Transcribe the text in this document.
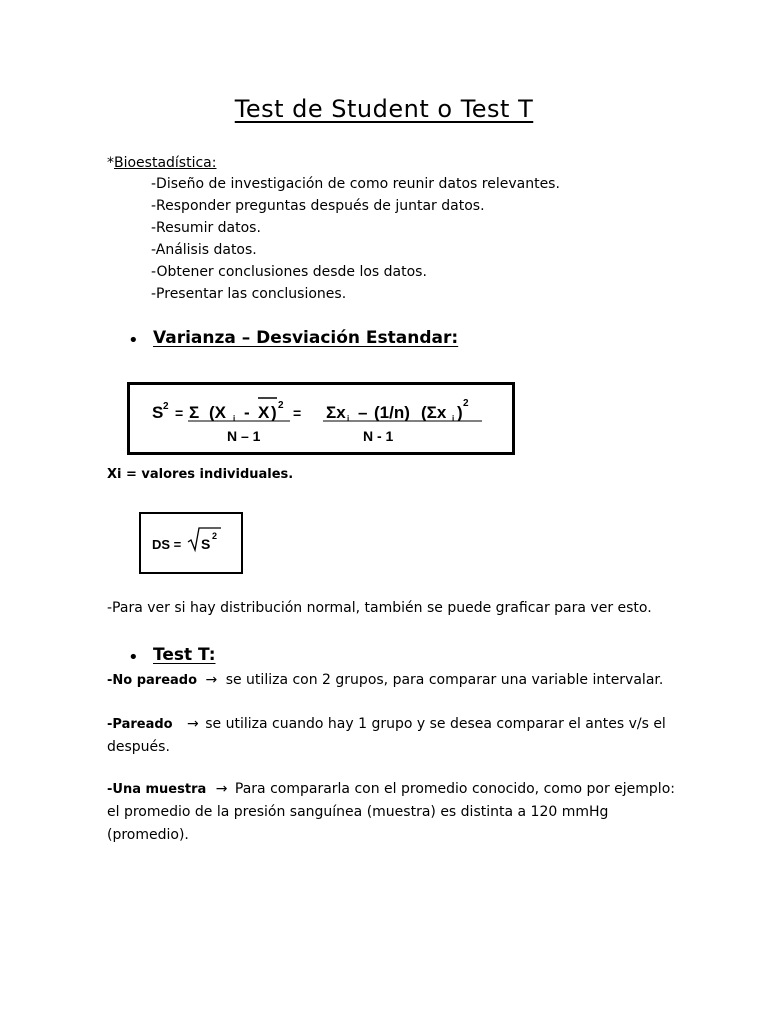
Test de Student o Test T
*Bioestadística:
-Diseño de investigación de como reunir datos relevantes.
-Responder preguntas después de juntar datos.
-Resumir datos.
-Análisis datos.
-Obtener conclusiones desde los datos.
-Presentar las conclusiones.
• Varianza – Desviación Estandar:
S 2 = Σ (X i - X ) 2 = Σx i – (1/n) (Σx i ) 2
N – 1	N - 1
Xi = valores individuales.
DS = S 2
-Para ver si hay distribución normal, también se puede graficar para ver esto.
• Test T:
-No pareado → se utiliza con 2 grupos, para comparar una variable intervalar.
-Pareado → se utiliza cuando hay 1 grupo y se desea comparar el antes v/s el
después.
-Una muestra → Para compararla con el promedio conocido, como por ejemplo:
el promedio de la presión sanguínea (muestra) es distinta a 120 mmHg
(promedio).
